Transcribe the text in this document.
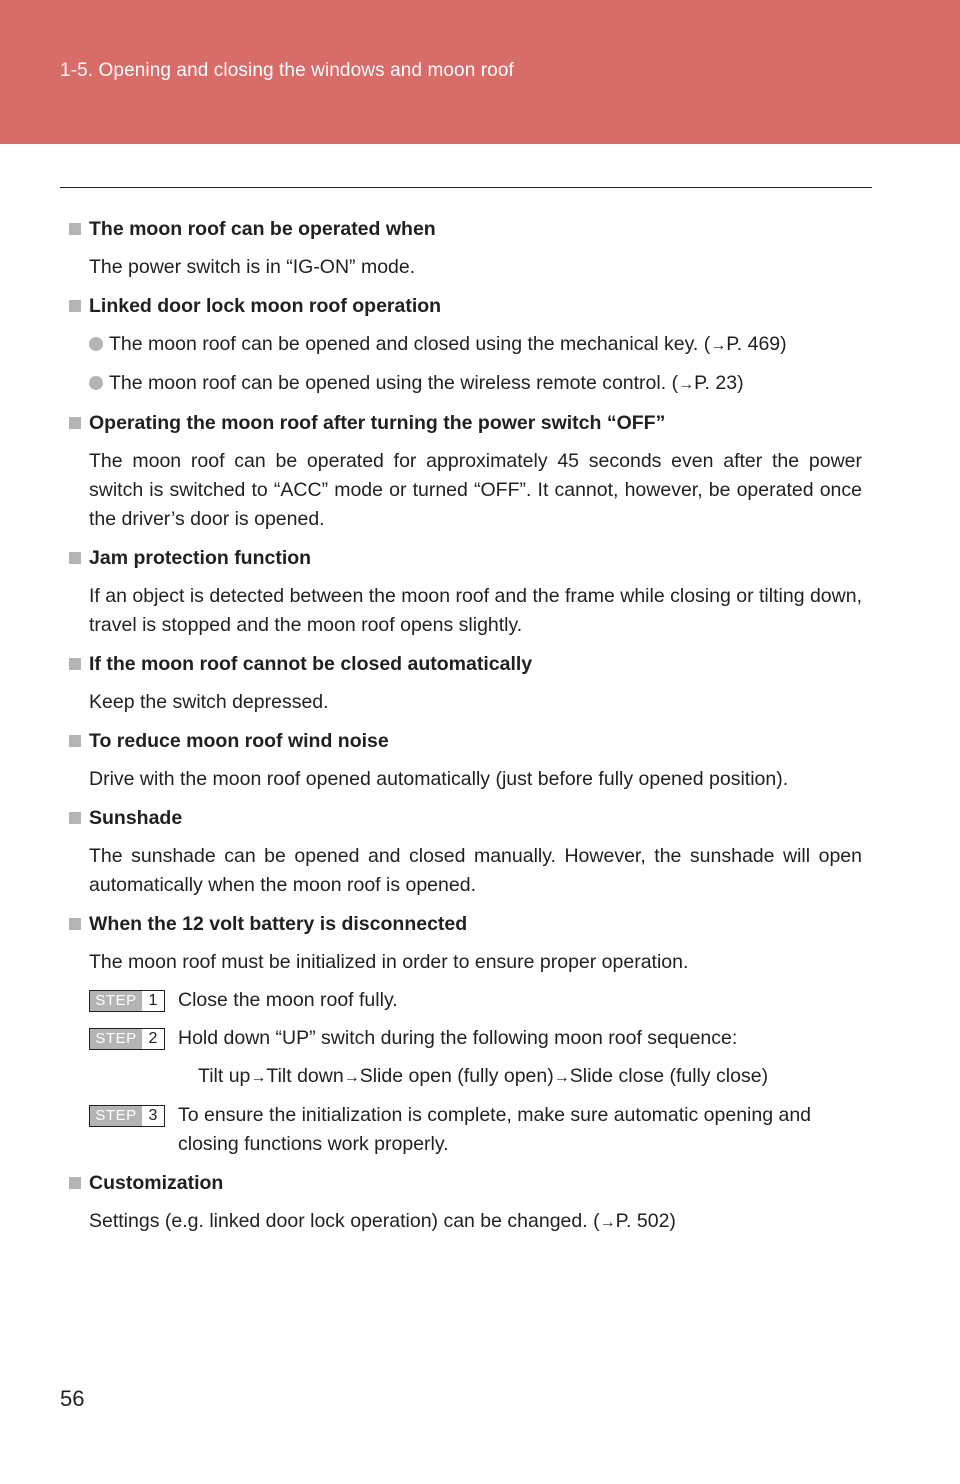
1-5. Opening and closing the windows and moon roof
The moon roof can be operated when
The power switch is in “IG-ON” mode.
Linked door lock moon roof operation
The moon roof can be opened and closed using the mechanical key. (→P. 469)
The moon roof can be opened using the wireless remote control. (→P. 23)
Operating the moon roof after turning the power switch “OFF”
The moon roof can be operated for approximately 45 seconds even after the power switch is switched to “ACC” mode or turned “OFF”. It cannot, however, be operated once the driver’s door is opened.
Jam protection function
If an object is detected between the moon roof and the frame while closing or tilting down, travel is stopped and the moon roof opens slightly.
If the moon roof cannot be closed automatically
Keep the switch depressed.
To reduce moon roof wind noise
Drive with the moon roof opened automatically (just before fully opened position).
Sunshade
The sunshade can be opened and closed manually. However, the sunshade will open automatically when the moon roof is opened.
When the 12 volt battery is disconnected
The moon roof must be initialized in order to ensure proper operation.
STEP 1	Close the moon roof fully.
STEP 2	Hold down “UP” switch during the following moon roof sequence:
Tilt up→Tilt down→Slide open (fully open)→Slide close (fully close)
STEP 3	To ensure the initialization is complete, make sure automatic opening and closing functions work properly.
Customization
Settings (e.g. linked door lock operation) can be changed. (→P. 502)
56
